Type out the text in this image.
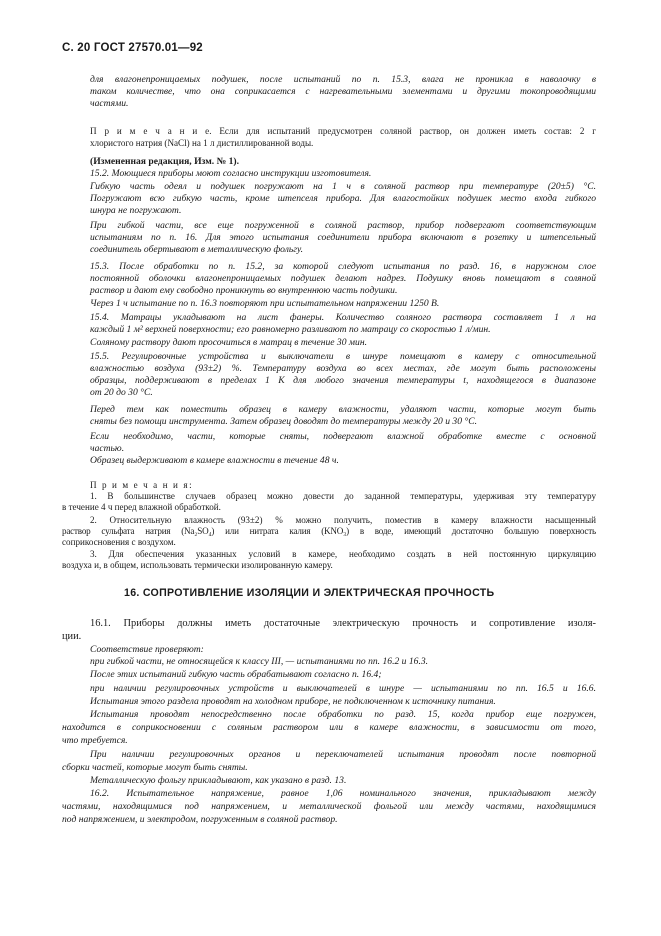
С. 20 ГОСТ 27570.01—92
для влагонепроницаемых подушек, после испытаний по п. 15.3, влага не проникла в наволочку в
таком количестве, что она соприкасается с нагревательными элементами и другими токопроводящими
частями.
П р и м е ч а н и е. Если для испытаний предусмотрен соляной раствор, он должен иметь состав: 2 г
хлористого натрия (NaCl) на 1 л дистиллированной воды.
(Измененная редакция, Изм. № 1).
15.2. Моющиеся приборы моют согласно инструкции изготовителя.
Гибкую часть одеял и подушек погружают на 1 ч в соляной раствор при температуре (20±5) °С.
Погружают всю гибкую часть, кроме штепселя прибора. Для влагостойких подушек место входа гибкого
шнура не погружают.
При гибкой части, все еще погруженной в соляной раствор, прибор подвергают соответствующим
испытаниям по п. 16. Для этого испытания соединители прибора включают в розетку и штепсельный
соединитель обертывают в металлическую фольгу.
15.3. После обработки по п. 15.2, за которой следуют испытания по разд. 16, в наружном слое
постоянной оболочки влагонепроницаемых подушек делают надрез. Подушку вновь помещают в соляной
раствор и дают ему свободно проникнуть во внутреннюю часть подушки.
Через 1 ч испытание по п. 16.3 повторяют при испытательном напряжении 1250 В.
15.4. Матрацы укладывают на лист фанеры. Количество соляного раствора составляет 1 л на
каждый 1 м² верхней поверхности; его равномерно разливают по матрацу со скоростью 1 л/мин.
Соляному раствору дают просочиться в матрац в течение 30 мин.
15.5. Регулировочные устройства и выключатели в шнуре помещают в камеру с относительной
влажностью воздуха (93±2) %. Температуру воздуха во всех местах, где могут быть расположены
образцы, поддерживают в пределах 1 К для любого значения температуры t, находящегося в диапазоне
от 20 до 30 °С.
Перед тем как поместить образец в камеру влажности, удаляют части, которые могут быть
сняты без помощи инструмента. Затем образец доводят до температуры между 20 и 30 °С.
Если необходимо, части, которые сняты, подвергают влажной обработке вместе с основной
частью.
Образец выдерживают в камере влажности в течение 48 ч.
П р и м е ч а н и я:
1. В большинстве случаев образец можно довести до заданной температуры, удерживая эту температуру
в течение 4 ч перед влажной обработкой.
2. Относительную влажность (93±2) % можно получить, поместив в камеру влажности насыщенный
раствор сульфата натрия (Na₂SO₄) или нитрата калия (KNO₃) в воде, имеющий достаточно большую поверхность
соприкосновения с воздухом.
3. Для обеспечения указанных условий в камере, необходимо создать в ней постоянную циркуляцию
воздуха и, в общем, использовать термически изолированную камеру.
16. СОПРОТИВЛЕНИЕ ИЗОЛЯЦИИ И ЭЛЕКТРИЧЕСКАЯ ПРОЧНОСТЬ
16.1. Приборы должны иметь достаточные электрическую прочность и сопротивление изоля-
ции.
Соответствие проверяют:
при гибкой части, не относящейся к классу III, — испытаниями по пп. 16.2 и 16.3.
После этих испытаний гибкую часть обрабатывают согласно п. 16.4;
при наличии регулировочных устройств и выключателей в шнуре — испытаниями по пп. 16.5 и 16.6.
Испытания этого раздела проводят на холодном приборе, не подключенном к источнику питания.
Испытания проводят непосредственно после обработки по разд. 15, когда прибор еще погружен,
находится в соприкосновении с соляным раствором или в камере влажности, в зависимости от того,
что требуется.
При наличии регулировочных органов и переключателей испытания проводят после повторной
сборки частей, которые могут быть сняты.
Металлическую фольгу прикладывают, как указано в разд. 13.
16.2. Испытательное напряжение, равное 1,06 номинального значения, прикладывают между
частями, находящимися под напряжением, и металлической фольгой или между частями, находящимися
под напряжением, и электродом, погруженным в соляной раствор.
